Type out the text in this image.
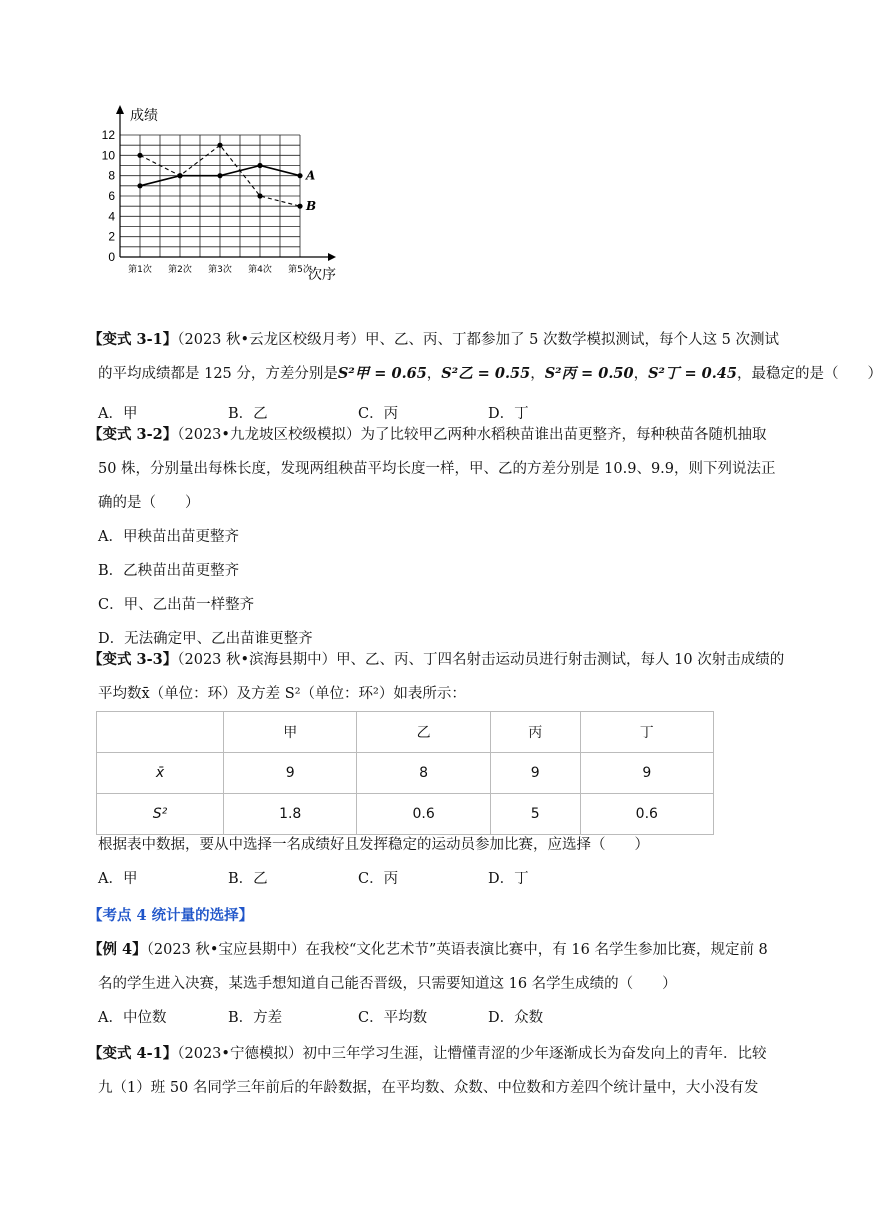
0
2
4
6
8
10
12
第1次 第2次 第3次 第4次 第5次
成绩
次序
A
B
【变式 3-1】（2023 秋•云龙区校级月考）甲、乙、丙、丁都参加了 5 次数学模拟测试，每个人这 5 次测试
的平均成绩都是 125 分，方差分别是S²甲 = 0.65，S²乙 = 0.55，S²丙 = 0.50，S²丁 = 0.45，最稳定的是（　　）
A．甲	B．乙	C．丙	D．丁
【变式 3-2】（2023•九龙坡区校级模拟）为了比较甲乙两种水稻秧苗谁出苗更整齐，每种秧苗各随机抽取
50 株，分别量出每株长度，发现两组秧苗平均长度一样，甲、乙的方差分别是 10.9、9.9，则下列说法正
确的是（　　）
A．甲秧苗出苗更整齐
B．乙秧苗出苗更整齐
C．甲、乙出苗一样整齐
D．无法确定甲、乙出苗谁更整齐
【变式 3-3】（2023 秋•滨海县期中）甲、乙、丙、丁四名射击运动员进行射击测试，每人 10 次射击成绩的
平均数x̄（单位：环）及方差 S²（单位：环²）如表所示：
	甲	乙	丙	丁
x̄	9	8	9	9
S²	1.8	0.6	5	0.6
根据表中数据，要从中选择一名成绩好且发挥稳定的运动员参加比赛，应选择（　　）
A．甲	B．乙	C．丙	D．丁
【考点 4 统计量的选择】
【例 4】（2023 秋•宝应县期中）在我校“文化艺术节”英语表演比赛中，有 16 名学生参加比赛，规定前 8
名的学生进入决赛，某选手想知道自己能否晋级，只需要知道这 16 名学生成绩的（　　）
A．中位数	B．方差	C．平均数	D．众数
【变式 4-1】（2023•宁德模拟）初中三年学习生涯，让懵懂青涩的少年逐渐成长为奋发向上的青年．比较
九（1）班 50 名同学三年前后的年龄数据，在平均数、众数、中位数和方差四个统计量中，大小没有发
